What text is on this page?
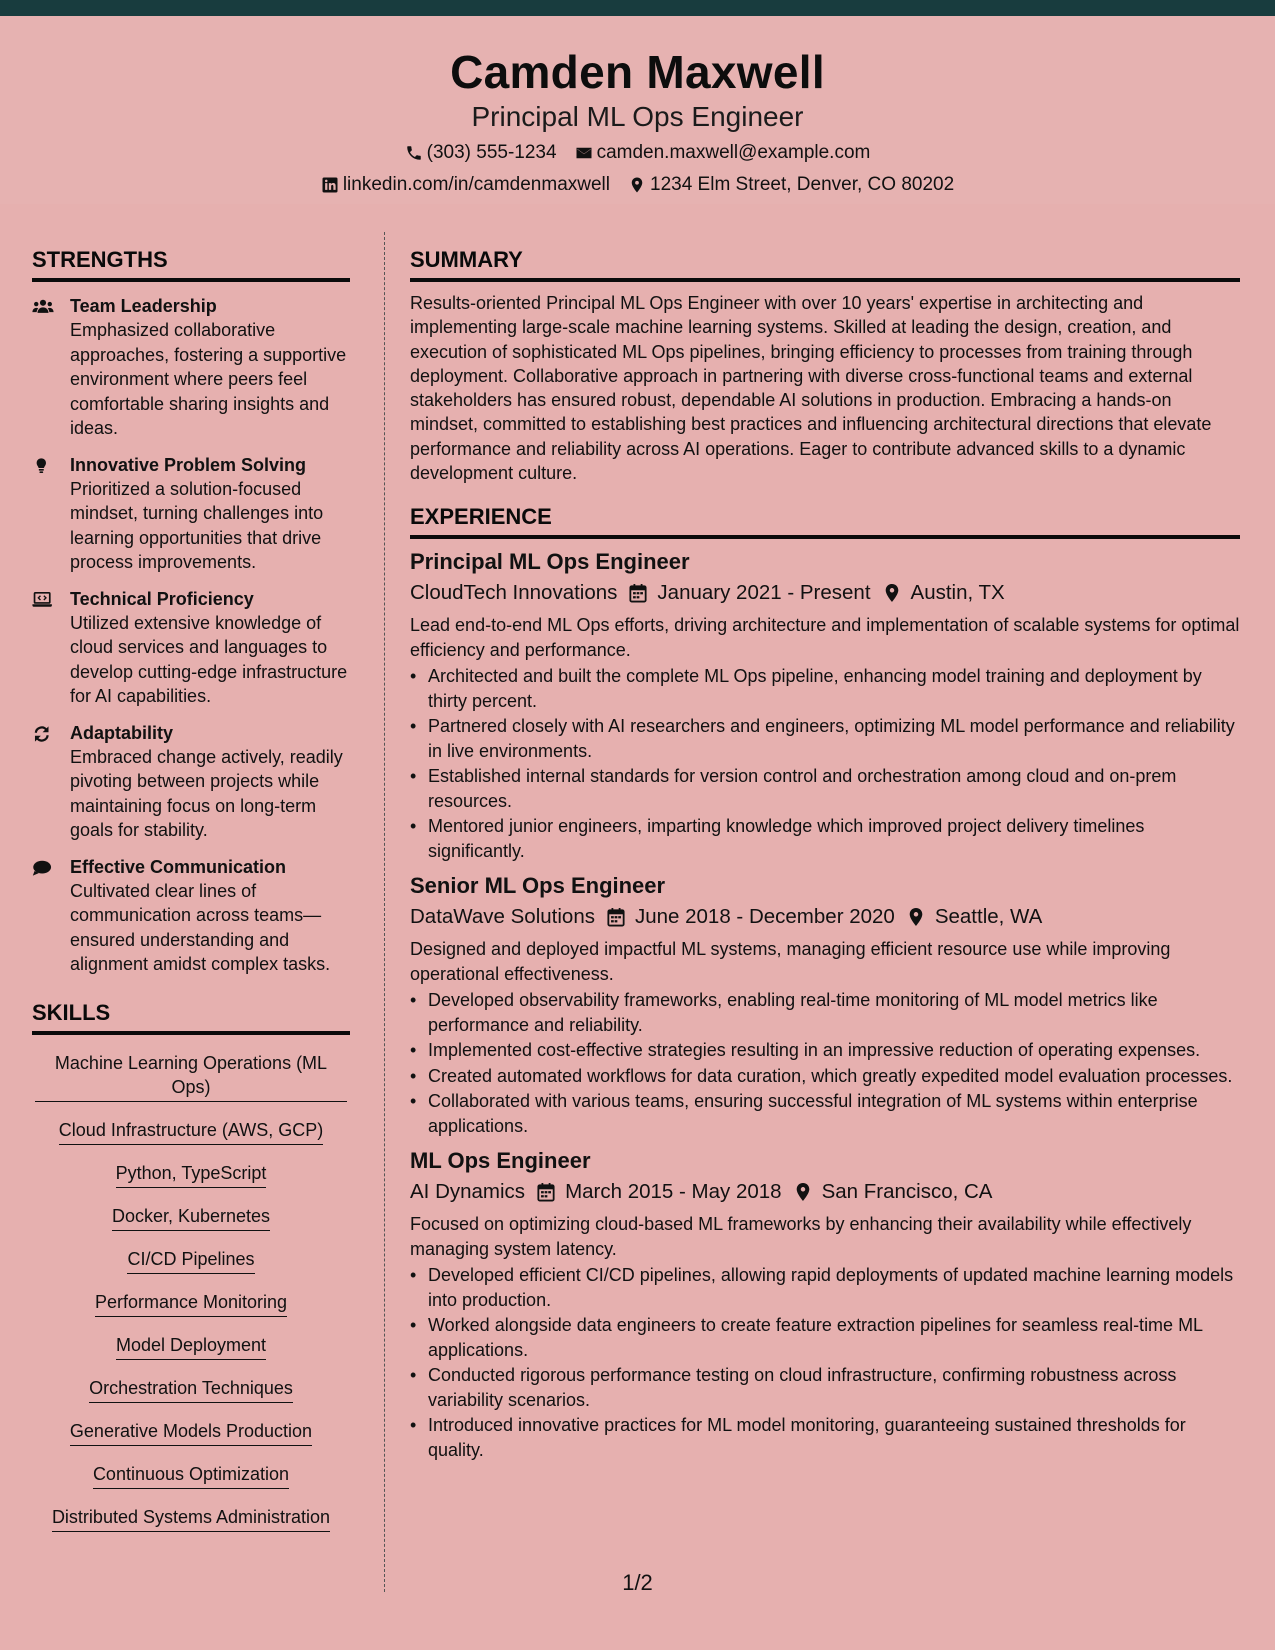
Camden Maxwell
Principal ML Ops Engineer
(303) 555-1234 camden.maxwell@example.com
linkedin.com/in/camdenmaxwell 1234 Elm Street, Denver, CO 80202
STRENGTHS
Team Leadership
Emphasized collaborative approaches, fostering a supportive environment where peers feel comfortable sharing insights and ideas.
Innovative Problem Solving
Prioritized a solution-focused mindset, turning challenges into learning opportunities that drive process improvements.
Technical Proficiency
Utilized extensive knowledge of cloud services and languages to develop cutting-edge infrastructure for AI capabilities.
Adaptability
Embraced change actively, readily pivoting between projects while maintaining focus on long-term goals for stability.
Effective Communication
Cultivated clear lines of communication across teams—ensured understanding and alignment amidst complex tasks.
SKILLS
Machine Learning Operations (ML Ops)
Cloud Infrastructure (AWS, GCP)
Python, TypeScript
Docker, Kubernetes
CI/CD Pipelines
Performance Monitoring
Model Deployment
Orchestration Techniques
Generative Models Production
Continuous Optimization
Distributed Systems Administration
SUMMARY

Results-oriented Principal ML Ops Engineer with over 10 years' expertise in architecting and implementing large-scale machine learning systems. Skilled at leading the design, creation, and execution of sophisticated ML Ops pipelines, bringing efficiency to processes from training through deployment. Collaborative approach in partnering with diverse cross-functional teams and external stakeholders has ensured robust, dependable AI solutions in production. Embracing a hands-on mindset, committed to establishing best practices and influencing architectural directions that elevate performance and reliability across AI operations. Eager to contribute advanced skills to a dynamic development culture.

EXPERIENCE
Principal ML Ops Engineer
CloudTech Innovations January 2021 - Present Austin, TX

Lead end-to-end ML Ops efforts, driving architecture and implementation of scalable systems for optimal efficiency and performance.

• Architected and built the complete ML Ops pipeline, enhancing model training and deployment by thirty percent.
• Partnered closely with AI researchers and engineers, optimizing ML model performance and reliability in live environments.
• Established internal standards for version control and orchestration among cloud and on-prem resources.
• Mentored junior engineers, imparting knowledge which improved project delivery timelines significantly.
Senior ML Ops Engineer
DataWave Solutions June 2018 - December 2020 Seattle, WA

Designed and deployed impactful ML systems, managing efficient resource use while improving operational effectiveness.

• Developed observability frameworks, enabling real-time monitoring of ML model metrics like performance and reliability.
• Implemented cost-effective strategies resulting in an impressive reduction of operating expenses.
• Created automated workflows for data curation, which greatly expedited model evaluation processes.
• Collaborated with various teams, ensuring successful integration of ML systems within enterprise applications.
ML Ops Engineer
AI Dynamics March 2015 - May 2018 San Francisco, CA

Focused on optimizing cloud-based ML frameworks by enhancing their availability while effectively managing system latency.

• Developed efficient CI/CD pipelines, allowing rapid deployments of updated machine learning models into production.
• Worked alongside data engineers to create feature extraction pipelines for seamless real-time ML applications.
• Conducted rigorous performance testing on cloud infrastructure, confirming robustness across variability scenarios.
• Introduced innovative practices for ML model monitoring, guaranteeing sustained thresholds for quality.
1/2
